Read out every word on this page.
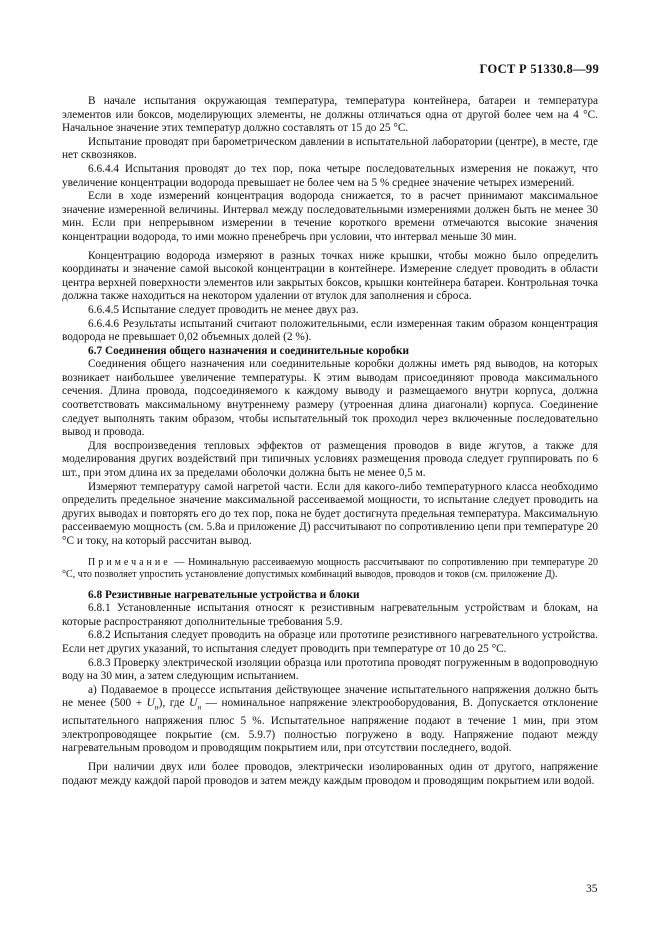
ГОСТ Р 51330.8—99

В начале испытания окружающая температура, температура контейнера, батареи и температура элементов или боксов, моделирующих элементы, не должны отличаться одна от другой более чем на 4 °С. Начальное значение этих температур должно составлять от 15 до 25 °С.

Испытание проводят при барометрическом давлении в испытательной лаборатории (центре), в месте, где нет сквозняков.

6.6.4.4 Испытания проводят до тех пор, пока четыре последовательных измерения не покажут, что увеличение концентрации водорода превышает не более чем на 5 % среднее значение четырех измерений.

Если в ходе измерений концентрация водорода снижается, то в расчет принимают максимальное значение измеренной величины. Интервал между последовательными измерениями должен быть не менее 30 мин. Если при непрерывном измерении в течение короткого времени отмечаются высокие значения концентрации водорода, то ими можно пренебречь при условии, что интервал меньше 30 мин.

Концентрацию водорода измеряют в разных точках ниже крышки, чтобы можно было определить координаты и значение самой высокой концентрации в контейнере. Измерение следует проводить в области центра верхней поверхности элементов или закрытых боксов, крышки контейнера батареи. Контрольная точка должна также находиться на некотором удалении от втулок для заполнения и сброса.

6.6.4.5 Испытание следует проводить не менее двух раз.

6.6.4.6 Результаты испытаний считают положительными, если измеренная таким образом концентрация водорода не превышает 0,02 объемных долей (2 %).

6.7 Соединения общего назначения и соединительные коробки

Соединения общего назначения или соединительные коробки должны иметь ряд выводов, на которых возникает наибольшее увеличение температуры. К этим выводам присоединяют провода максимального сечения. Длина провода, подсоединяемого к каждому выводу и размещаемого внутри корпуса, должна соответствовать максимальному внутреннему размеру (утроенная длина диагонали) корпуса. Соединение следует выполнять таким образом, чтобы испытательный ток проходил через включенные последовательно вывод и провода.

Для воспроизведения тепловых эффектов от размещения проводов в виде жгутов, а также для моделирования других воздействий при типичных условиях размещения провода следует группировать по 6 шт., при этом длина их за пределами оболочки должна быть не менее 0,5 м.

Измеряют температуру самой нагретой части. Если для какого-либо температурного класса необходимо определить предельное значение максимальной рассеиваемой мощности, то испытание следует проводить на других выводах и повторять его до тех пор, пока не будет достигнута предельная температура. Максимальную рассеиваемую мощность (см. 5.8а и приложение Д) рассчитывают по сопротивлению цепи при температуре 20 °С и току, на который рассчитан вывод.

Примечание — Номинальную рассеиваемую мощность рассчитывают по сопротивлению при температуре 20 °С, что позволяет упростить установление допустимых комбинаций выводов, проводов и токов (см. приложение Д).

6.8 Резистивные нагревательные устройства и блоки

6.8.1 Установленные испытания относят к резистивным нагревательным устройствам и блокам, на которые распространяют дополнительные требования 5.9.

6.8.2 Испытания следует проводить на образце или прототипе резистивного нагревательного устройства. Если нет других указаний, то испытания следует проводить при температуре от 10 до 25 °С.

6.8.3 Проверку электрической изоляции образца или прототипа проводят погруженным в водопроводную воду на 30 мин, а затем следующим испытанием.

а) Подаваемое в процессе испытания действующее значение испытательного напряжения должно быть не менее $(500 + U_н)$, где $U_н$ — номинальное напряжение электрооборудования, В. Допускается отклонение испытательного напряжения плюс 5 %. Испытательное напряжение подают в течение 1 мин, при этом электропроводящее покрытие (см. 5.9.7) полностью погружено в воду. Напряжение подают между нагревательным проводом и проводящим покрытием или, при отсутствии последнего, водой.

При наличии двух или более проводов, электрически изолированных один от другого, напряжение подают между каждой парой проводов и затем между каждым проводом и проводящим покрытием или водой.

35
